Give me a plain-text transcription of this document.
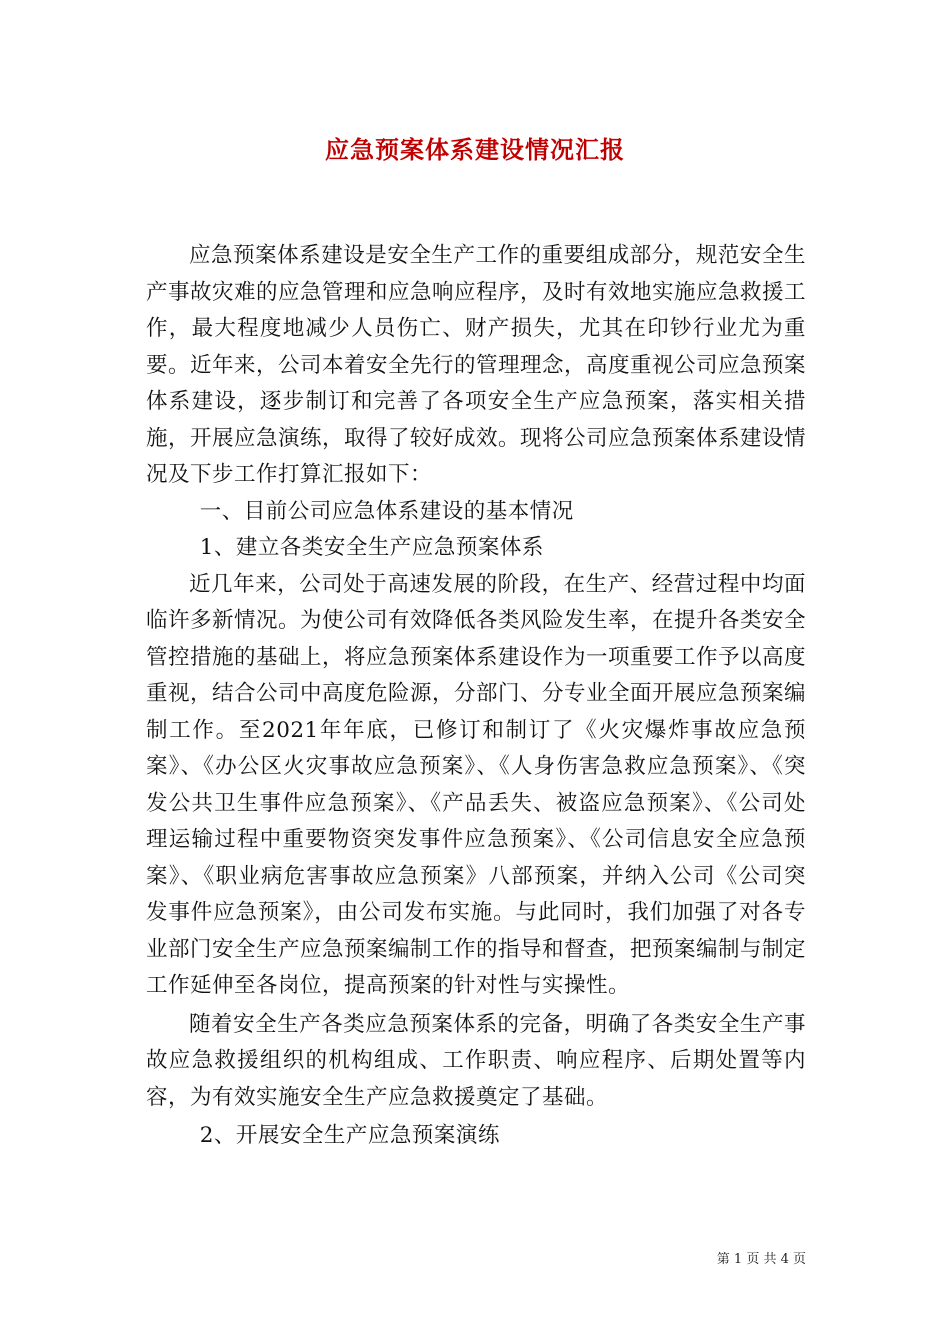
应急预案体系建设情况汇报

应急预案体系建设是安全生产工作的重要组成部分，规范安全生产事故灾难的应急管理和应急响应程序，及时有效地实施应急救援工作，最大程度地减少人员伤亡、财产损失，尤其在印钞行业尤为重要。近年来，公司本着安全先行的管理理念，高度重视公司应急预案体系建设，逐步制订和完善了各项安全生产应急预案，落实相关措施，开展应急演练，取得了较好成效。现将公司应急预案体系建设情况及下步工作打算汇报如下：

一、目前公司应急体系建设的基本情况

1、建立各类安全生产应急预案体系

近几年来，公司处于高速发展的阶段，在生产、经营过程中均面临许多新情况。为使公司有效降低各类风险发生率，在提升各类安全管控措施的基础上，将应急预案体系建设作为一项重要工作予以高度重视，结合公司中高度危险源，分部门、分专业全面开展应急预案编制工作。至2021年年底，已修订和制订了《火灾爆炸事故应急预案》、《办公区火灾事故应急预案》、《人身伤害急救应急预案》、《突发公共卫生事件应急预案》、《产品丢失、被盗应急预案》、《公司处理运输过程中重要物资突发事件应急预案》、《公司信息安全应急预案》、《职业病危害事故应急预案》八部预案，并纳入公司《公司突发事件应急预案》，由公司发布实施。与此同时，我们加强了对各专业部门安全生产应急预案编制工作的指导和督查，把预案编制与制定工作延伸至各岗位，提高预案的针对性与实操性。

随着安全生产各类应急预案体系的完备，明确了各类安全生产事故应急救援组织的机构组成、工作职责、响应程序、后期处置等内容，为有效实施安全生产应急救援奠定了基础。

2、开展安全生产应急预案演练

第 1 页 共 4 页
